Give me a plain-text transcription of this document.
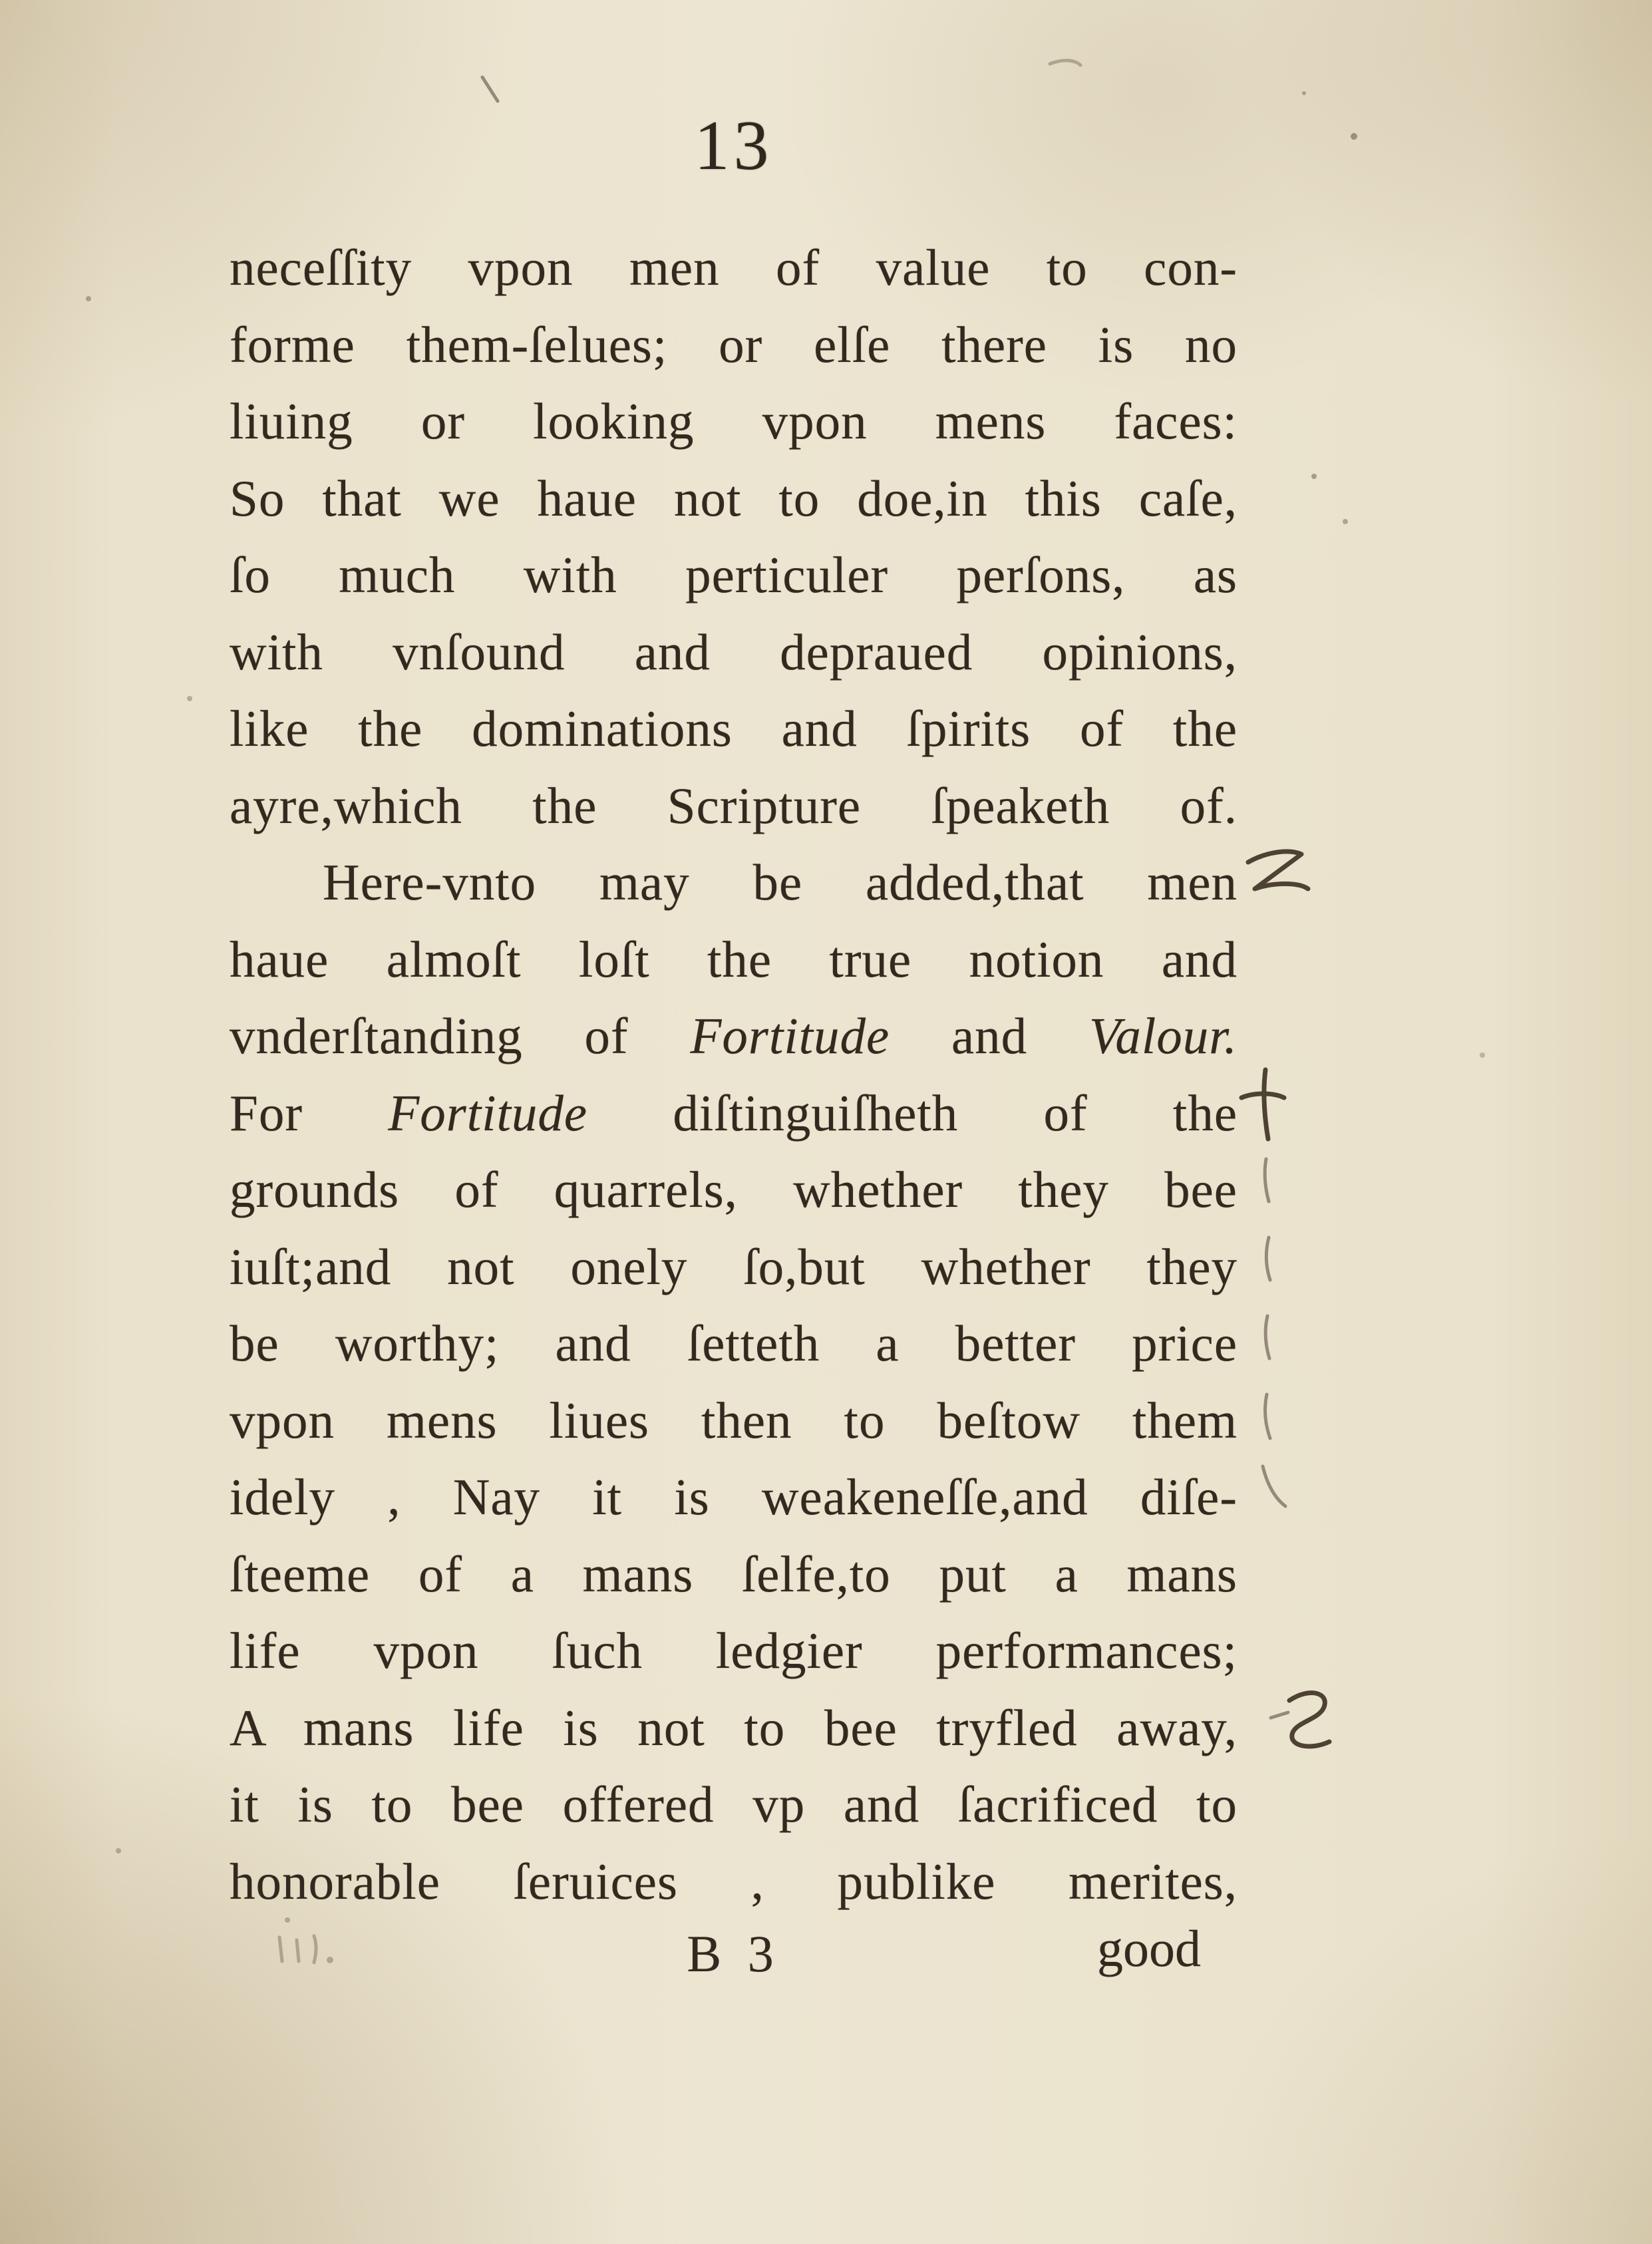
13
neceſſity vpon men of value to con-
forme them-ſelues; or elſe there is no
liuing or looking vpon mens faces:
So that we haue not to doe,in this caſe,
ſo much with perticuler perſons, as
with vnſound and depraued opinions,
like the dominations and ſpirits of the
ayre,which the Scripture ſpeaketh of.
Here-vnto may be added,that men
haue almoſt loſt the true notion and
vnderſtanding of Fortitude and Valour.
For Fortitude diſtinguiſheth of the
grounds of quarrels, whether they bee
iuſt;and not onely ſo,but whether they
be worthy; and ſetteth a better price
vpon mens liues then to beſtow them
idely , Nay it is weakeneſſe,and diſe-
ſteeme of a mans ſelfe,to put a mans
life vpon ſuch ledgier performances;
A mans life is not to bee tryfled away,
it is to bee offered vp and ſacrificed to
honorable ſeruices , publike merites,
B 3	good
